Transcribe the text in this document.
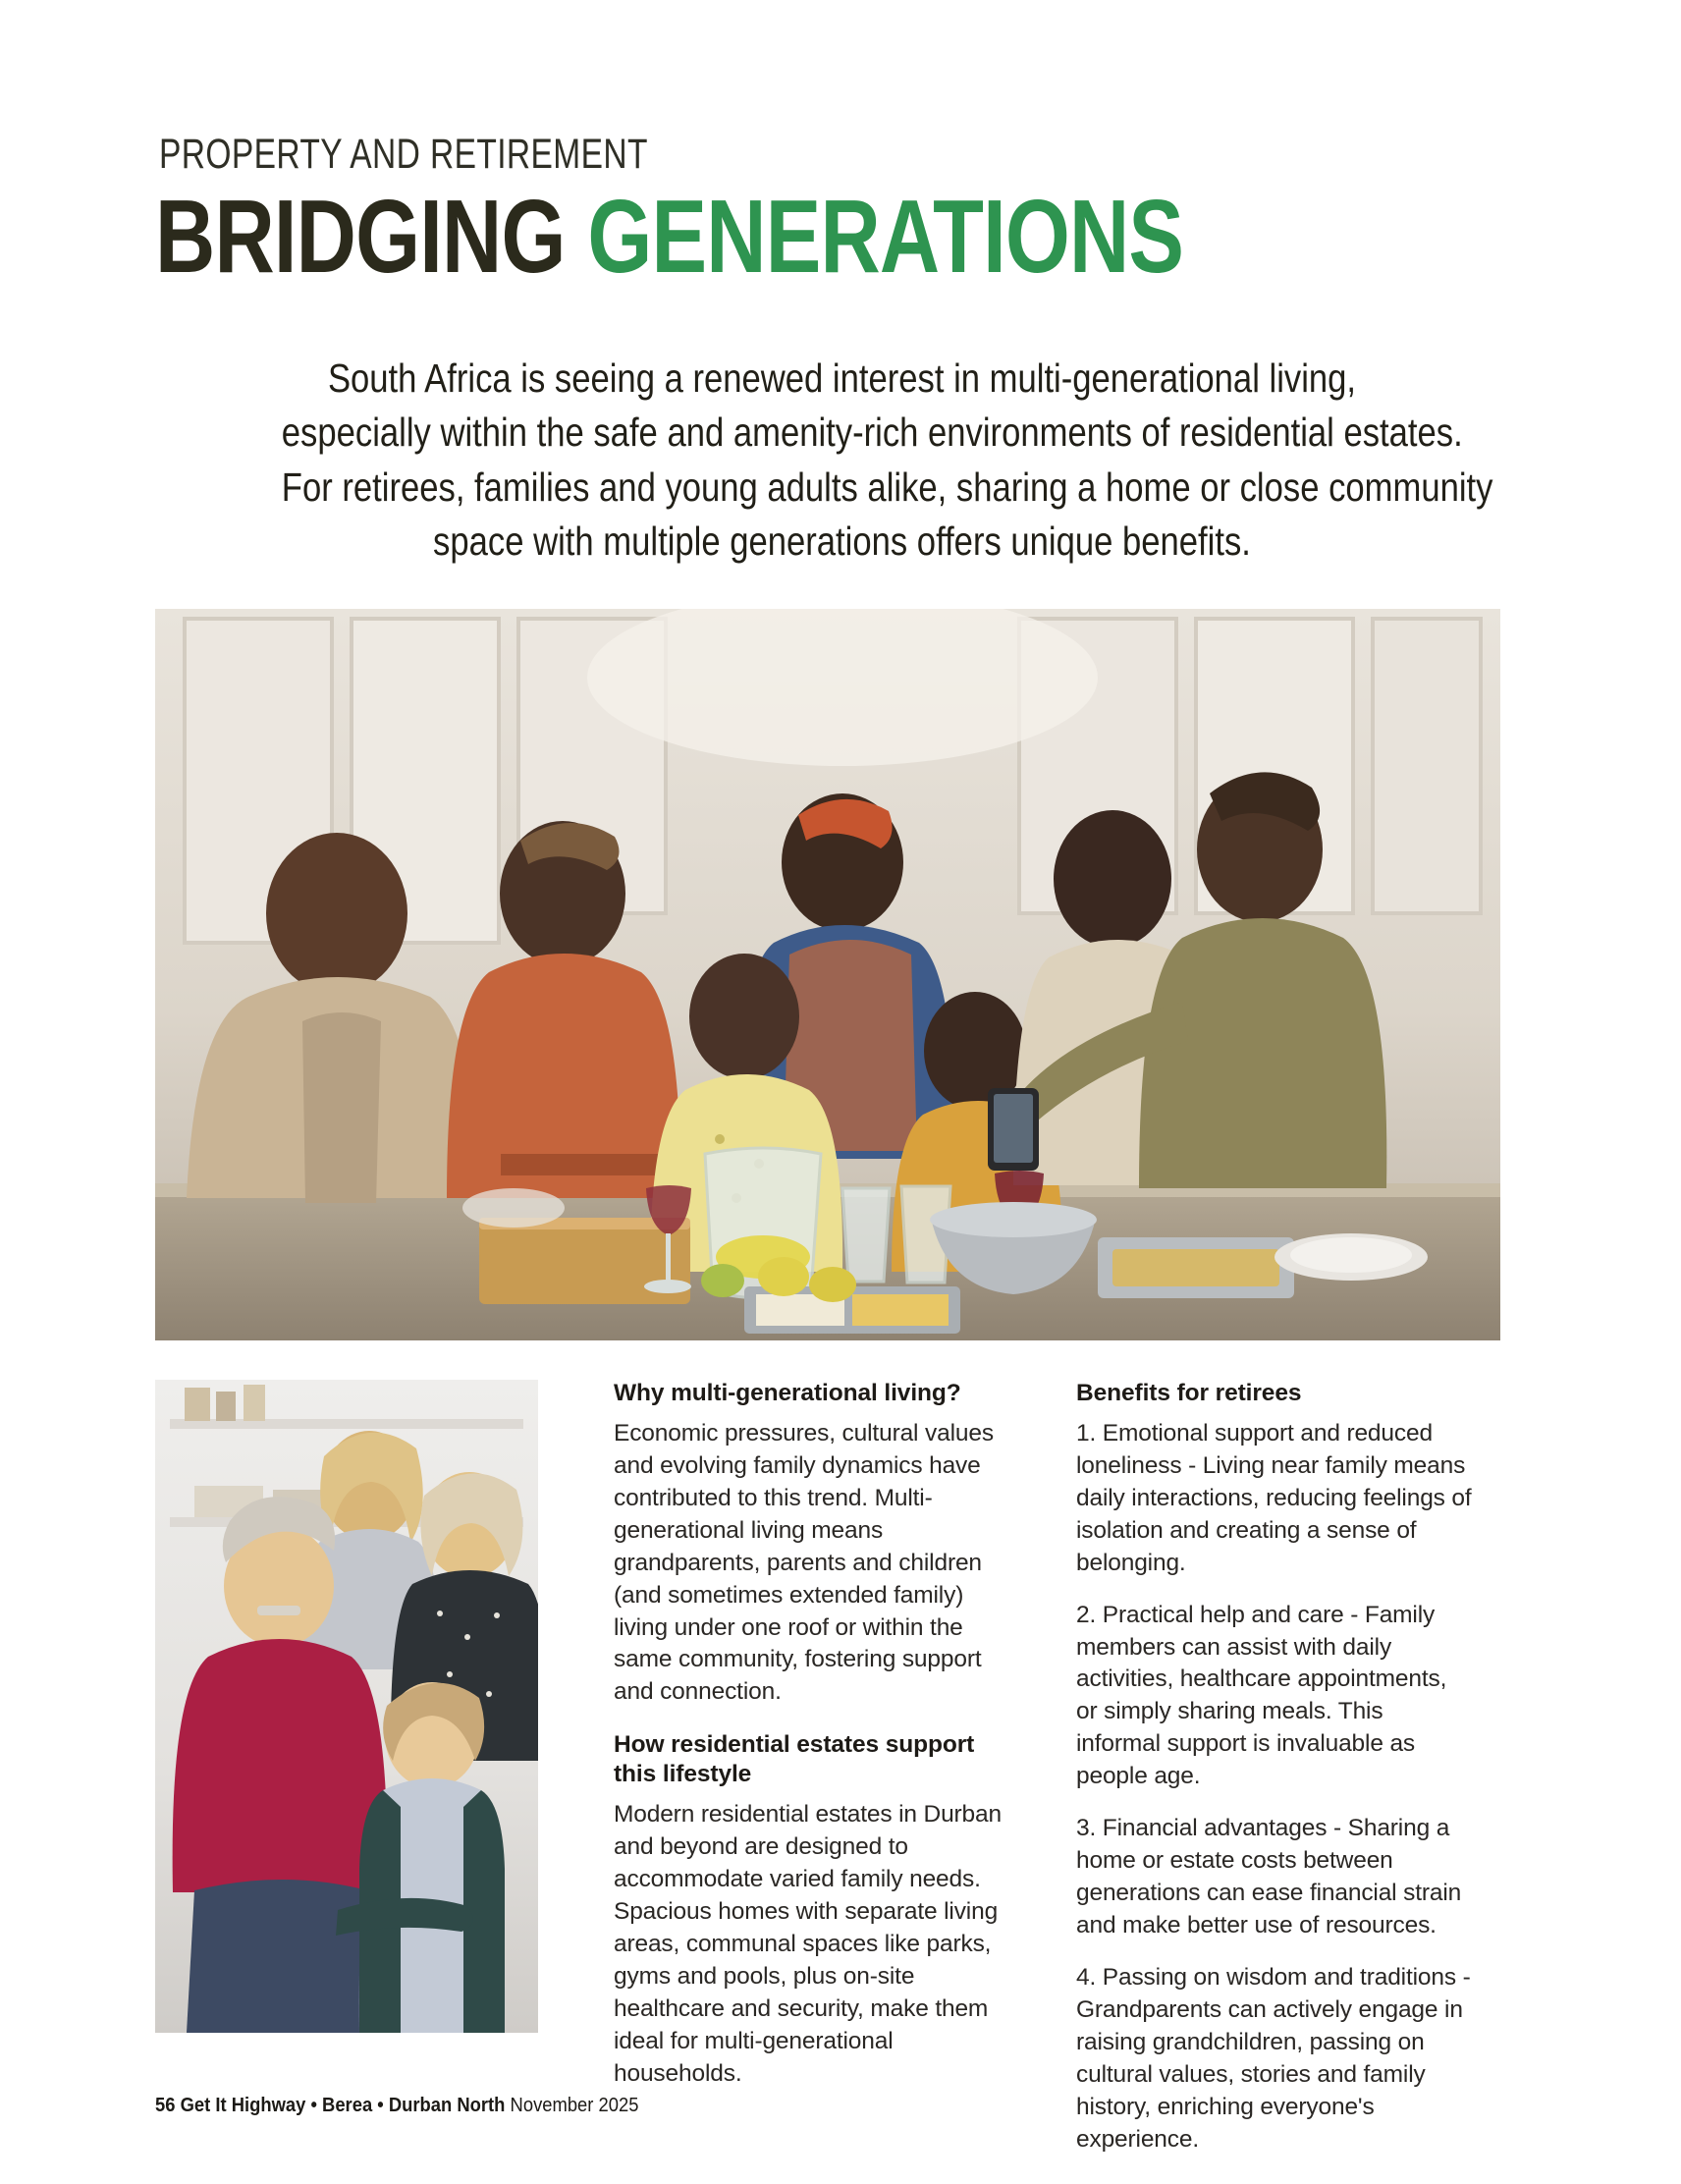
PROPERTY AND RETIREMENT
BRIDGING GENERATIONS
South Africa is seeing a renewed interest in multi-generational living,
especially within the safe and amenity-rich environments of residential estates.
For retirees, families and young adults alike, sharing a home or close community
space with multiple generations offers unique benefits.
Why multi-generational living?

Economic pressures, cultural values and evolving family dynamics have contributed to this trend. Multi-generational living means grandparents, parents and children (and sometimes extended family) living under one roof or within the same community, fostering support and connection.

How residential estates support this lifestyle

Modern residential estates in Durban and beyond are designed to accommodate varied family needs. Spacious homes with separate living areas, communal spaces like parks, gyms and pools, plus on-site healthcare and security, make them ideal for multi-generational households.

Benefits for retirees

1. Emotional support and reduced loneliness - Living near family means daily interactions, reducing feelings of isolation and creating a sense of belonging.

2. Practical help and care - Family members can assist with daily activities, healthcare appointments, or simply sharing meals. This informal support is invaluable as people age.

3. Financial advantages - Sharing a home or estate costs between generations can ease financial strain and make better use of resources.

4. Passing on wisdom and traditions -Grandparents can actively engage in raising grandchildren, passing on cultural values, stories and family history, enriching everyone's experience.

56 Get It Highway • Berea • Durban North November 2025
